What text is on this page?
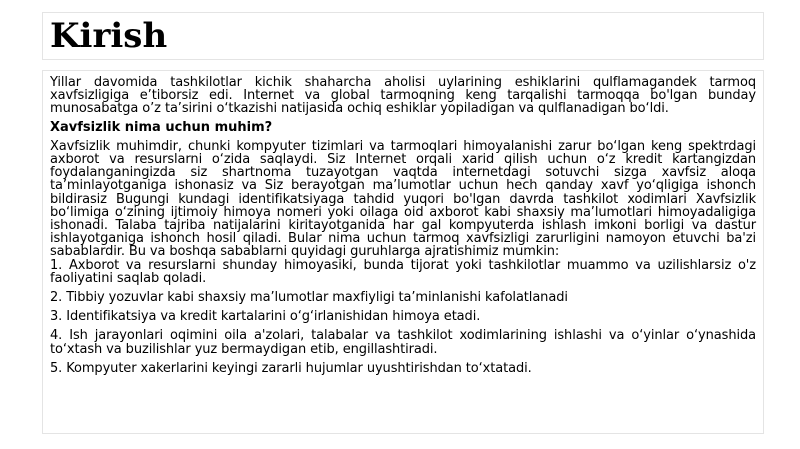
Kirish

Yillar davomida tashkilotlar kichik shaharcha aholisi uylarining eshiklarini qulflamagandek tarmoq xavfsizligiga e’tiborsiz edi. Internet va global tarmoqning keng tarqalishi tarmoqqa bo'lgan bunday munosabatga o’z ta’sirini o‘tkazishi natijasida ochiq eshiklar yopiladigan va qulflanadigan bo‘ldi.

Xavfsizlik nima uchun muhim?

Xavfsizlik muhimdir, chunki kompyuter tizimlari va tarmoqlari himoyalanishi zarur bo‘lgan keng spektrdagi axborot va resurslarni o‘zida saqlaydi. Siz Internet orqali xarid qilish uchun o‘z kredit kartangizdan foydalanganingizda siz shartnoma tuzayotgan vaqtda internetdagi sotuvchi sizga xavfsiz aloqa ta’minlayotganiga ishonasiz va Siz berayotgan ma’lumotlar uchun hech qanday xavf yo‘qligiga ishonch bildirasiz Bugungi kundagi identifikatsiyaga tahdid yuqori bo'lgan davrda tashkilot xodimlari Xavfsizlik bo‘limiga o‘zining ijtimoiy himoya nomeri yoki oilaga oid axborot kabi shaxsiy ma’lumotlari himoyadaligiga ishonadi. Talaba tajriba natijalarini kiritayotganida har gal kompyuterda ishlash imkoni borligi va dastur ishlayotganiga ishonch hosil qiladi. Bular nima uchun tarmoq xavfsizligi zarurligini namoyon etuvchi ba'zi sabablardir. Bu va boshqa sabablarni quyidagi guruhlarga ajratishimiz mumkin:

1. Axborot va resurslarni shunday himoyasiki, bunda tijorat yoki tashkilotlar muammo va uzilishlarsiz o'z faoliyatini saqlab qoladi.

2. Tibbiy yozuvlar kabi shaxsiy ma’lumotlar maxfiyligi ta’minlanishi kafolatlanadi

3. Identifikatsiya va kredit kartalarini o‘g‘irlanishidan himoya etadi.

4. Ish jarayonlari oqimini oila a'zolari, talabalar va tashkilot xodimlarining ishlashi va o‘yinlar o‘ynashida to‘xtash va buzilishlar yuz bermaydigan etib, engillashtiradi.

5. Kompyuter xakerlarini keyingi zararli hujumlar uyushtirishdan to‘xtatadi.
